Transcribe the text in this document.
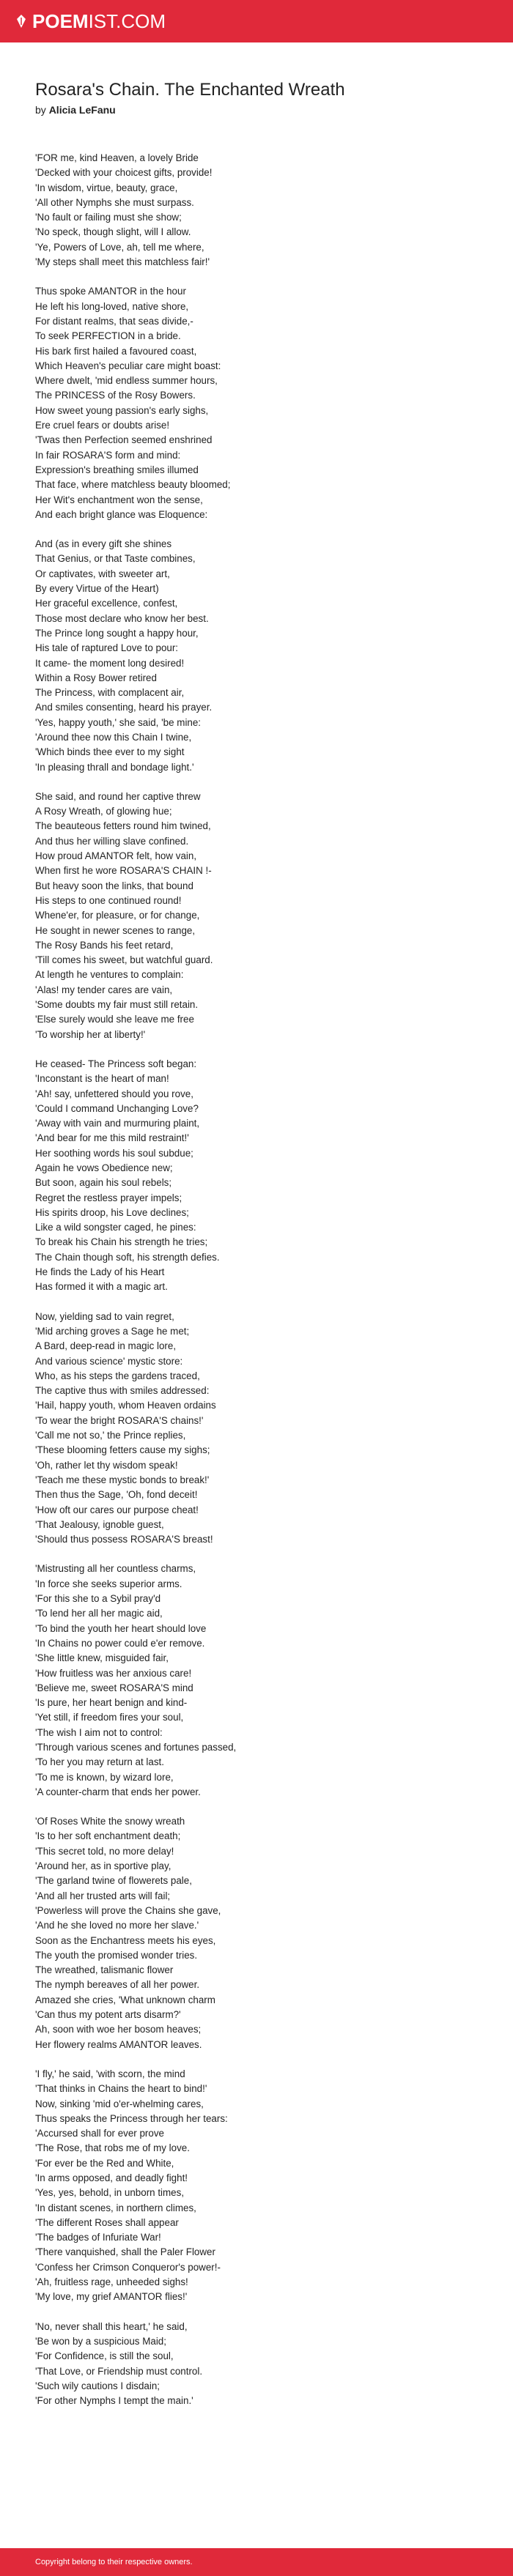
POEM IST.COM
Rosara's Chain. The Enchanted Wreath
by Alicia LeFanu
'FOR me, kind Heaven, a lovely Bride
'Decked with your choicest gifts, provide!
'In wisdom, virtue, beauty, grace,
'All other Nymphs she must surpass.
'No fault or failing must she show;
'No speck, though slight, will I allow.
'Ye, Powers of Love, ah, tell me where,
'My steps shall meet this matchless fair!'
Thus spoke AMANTOR in the hour
He left his long-loved, native shore,
For distant realms, that seas divide,-
To seek PERFECTION in a bride.
His bark first hailed a favoured coast,
Which Heaven's peculiar care might boast:
Where dwelt, 'mid endless summer hours,
The PRINCESS of the Rosy Bowers.
How sweet young passion's early sighs,
Ere cruel fears or doubts arise!
'Twas then Perfection seemed enshrined
In fair ROSARA'S form and mind:
Expression's breathing smiles illumed
That face, where matchless beauty bloomed;
Her Wit's enchantment won the sense,
And each bright glance was Eloquence:
And (as in every gift she shines
That Genius, or that Taste combines,
Or captivates, with sweeter art,
By every Virtue of the Heart)
Her graceful excellence, confest,
Those most declare who know her best.
The Prince long sought a happy hour,
His tale of raptured Love to pour:
It came- the moment long desired!
Within a Rosy Bower retired
The Princess, with complacent air,
And smiles consenting, heard his prayer.
'Yes, happy youth,' she said, 'be mine:
'Around thee now this Chain I twine,
'Which binds thee ever to my sight
'In pleasing thrall and bondage light.'
She said, and round her captive threw
A Rosy Wreath, of glowing hue;
The beauteous fetters round him twined,
And thus her willing slave confined.
How proud AMANTOR felt, how vain,
When first he wore ROSARA'S CHAIN !-
But heavy soon the links, that bound
His steps to one continued round!
Whene'er, for pleasure, or for change,
He sought in newer scenes to range,
The Rosy Bands his feet retard,
'Till comes his sweet, but watchful guard.
At length he ventures to complain:
'Alas! my tender cares are vain,
'Some doubts my fair must still retain.
'Else surely would she leave me free
'To worship her at liberty!'
He ceased- The Princess soft began:
'Inconstant is the heart of man!
'Ah! say, unfettered should you rove,
'Could I command Unchanging Love?
'Away with vain and murmuring plaint,
'And bear for me this mild restraint!'
Her soothing words his soul subdue;
Again he vows Obedience new;
But soon, again his soul rebels;
Regret the restless prayer impels;
His spirits droop, his Love declines;
Like a wild songster caged, he pines:
To break his Chain his strength he tries;
The Chain though soft, his strength defies.
He finds the Lady of his Heart
Has formed it with a magic art.
Now, yielding sad to vain regret,
'Mid arching groves a Sage he met;
A Bard, deep-read in magic lore,
And various science' mystic store:
Who, as his steps the gardens traced,
The captive thus with smiles addressed:
'Hail, happy youth, whom Heaven ordains
'To wear the bright ROSARA'S chains!'
'Call me not so,' the Prince replies,
'These blooming fetters cause my sighs;
'Oh, rather let thy wisdom speak!
'Teach me these mystic bonds to break!'
Then thus the Sage, 'Oh, fond deceit!
'How oft our cares our purpose cheat!
'That Jealousy, ignoble guest,
'Should thus possess ROSARA'S breast!
'Mistrusting all her countless charms,
'In force she seeks superior arms.
'For this she to a Sybil pray'd
'To lend her all her magic aid,
'To bind the youth her heart should love
'In Chains no power could e'er remove.
'She little knew, misguided fair,
'How fruitless was her anxious care!
'Believe me, sweet ROSARA'S mind
'Is pure, her heart benign and kind-
'Yet still, if freedom fires your soul,
'The wish I aim not to control:
'Through various scenes and fortunes passed,
'To her you may return at last.
'To me is known, by wizard lore,
'A counter-charm that ends her power.
'Of Roses White the snowy wreath
'Is to her soft enchantment death;
'This secret told, no more delay!
'Around her, as in sportive play,
'The garland twine of flowerets pale,
'And all her trusted arts will fail;
'Powerless will prove the Chains she gave,
'And he she loved no more her slave.'
Soon as the Enchantress meets his eyes,
The youth the promised wonder tries.
The wreathed, talismanic flower
The nymph bereaves of all her power.
Amazed she cries, 'What unknown charm
'Can thus my potent arts disarm?'
Ah, soon with woe her bosom heaves;
Her flowery realms AMANTOR leaves.
'I fly,' he said, 'with scorn, the mind
'That thinks in Chains the heart to bind!'
Now, sinking 'mid o'er-whelming cares,
Thus speaks the Princess through her tears:
'Accursed shall for ever prove
'The Rose, that robs me of my love.
'For ever be the Red and White,
'In arms opposed, and deadly fight!
'Yes, yes, behold, in unborn times,
'In distant scenes, in northern climes,
'The different Roses shall appear
'The badges of Infuriate War!
'There vanquished, shall the Paler Flower
'Confess her Crimson Conqueror's power!-
'Ah, fruitless rage, unheeded sighs!
'My love, my grief AMANTOR flies!'
'No, never shall this heart,' he said,
'Be won by a suspicious Maid;
'For Confidence, is still the soul,
'That Love, or Friendship must control.
'Such wily cautions I disdain;
'For other Nymphs I tempt the main.'
Copyright belong to their respective owners.
